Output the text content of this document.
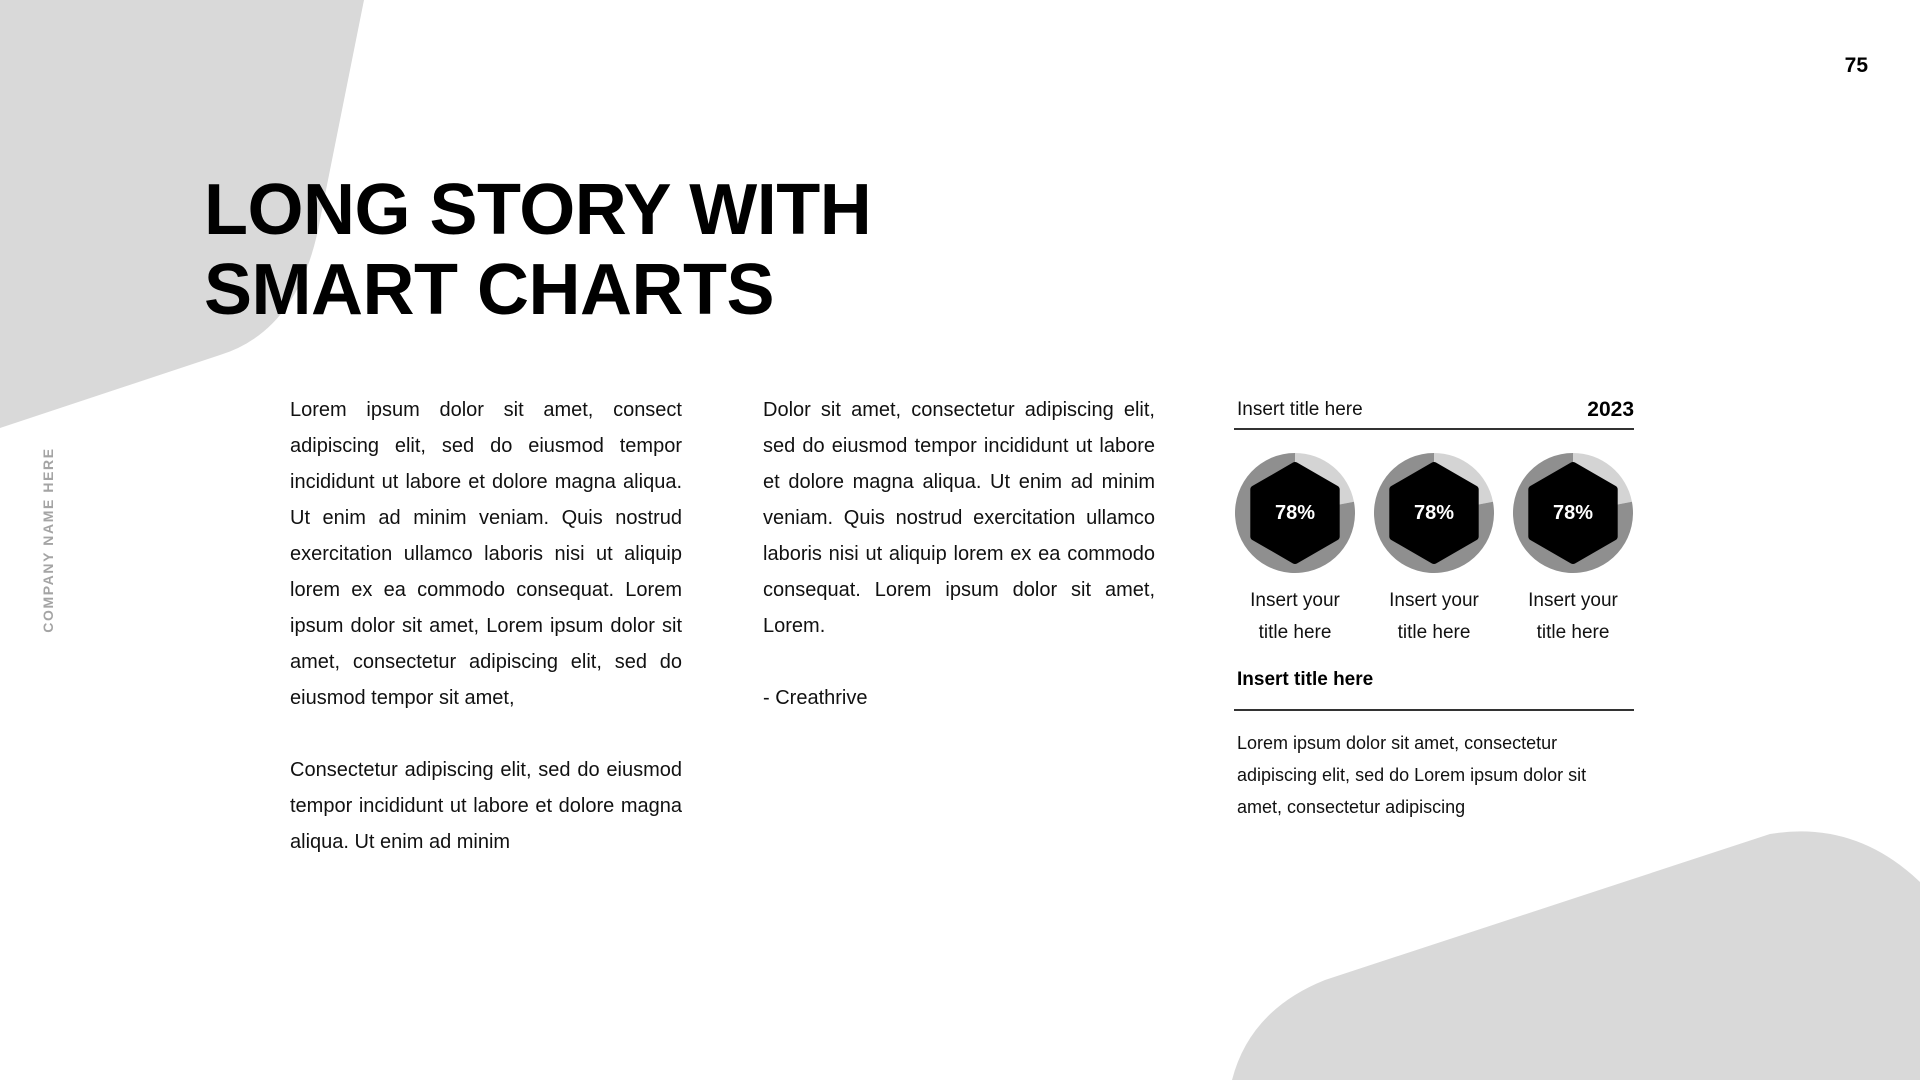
75
COMPANY NAME HERE
LONG STORY WITH
SMART CHARTS

Lorem ipsum dolor sit amet, consect adipiscing elit, sed do eiusmod tempor incididunt ut labore et dolore magna aliqua. Ut enim ad minim veniam. Quis nostrud exercitation ullamco laboris nisi ut aliquip lorem ex ea commodo consequat. Lorem ipsum dolor sit amet, Lorem ipsum dolor sit amet, consectetur adipiscing elit, sed do eiusmod tempor sit amet,

Consectetur adipiscing elit, sed do eiusmod tempor incididunt ut labore et dolore magna aliqua. Ut enim ad minim

Dolor sit amet, consectetur adipiscing elit, sed do eiusmod tempor incididunt ut labore et dolore magna aliqua. Ut enim ad minim veniam. Quis nostrud exercitation ullamco laboris nisi ut aliquip lorem ex ea commodo consequat. Lorem ipsum dolor sit amet, Lorem.

- Creathrive

Insert title here	2023
78%
Insert your
title here
78%
Insert your
title here
78%
Insert your
title here
Insert title here

Lorem ipsum dolor sit amet, consectetur adipiscing elit, sed do Lorem ipsum dolor sit amet, consectetur adipiscing
